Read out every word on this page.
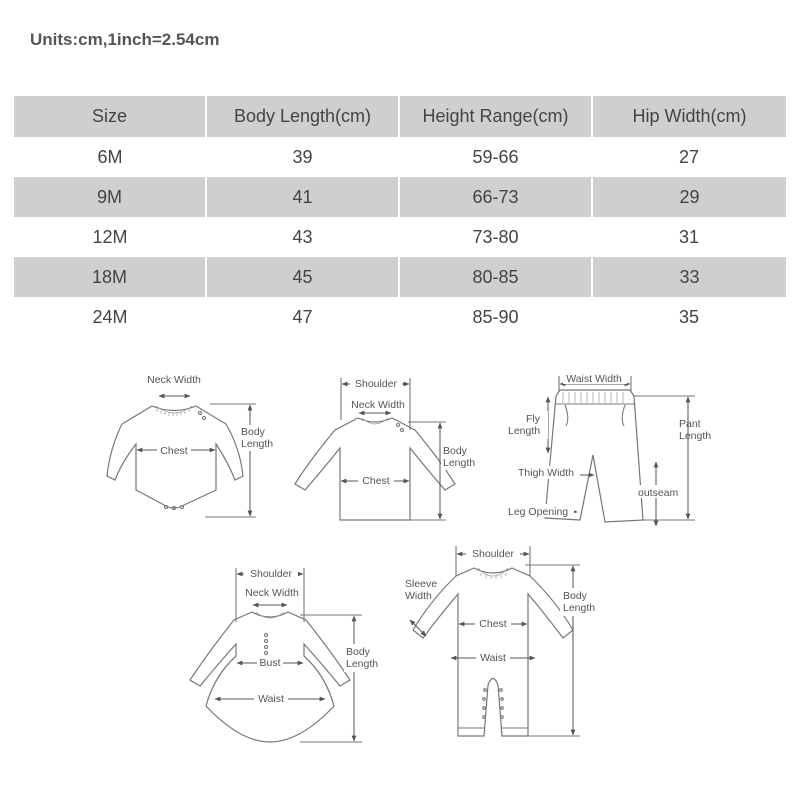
Units:cm,1inch=2.54cm
Size	Body Length(cm)	Height Range(cm)	Hip Width(cm)
6M	39	59-66	27
9M	41	66-73	29
12M	43	73-80	31
18M	45	80-85	33
24M	47	85-90	35
Neck Width
Chest
Body
Length
Shoulder
Neck Width
Chest
Body
Length
Waist Width
Fly
Length
Pant
Length
Thigh Width
outseam
Leg Opening
Shoulder
Neck Width
Bust
Waist
Body
Length
Shoulder
Sleeve
Width
Chest
Waist
Body
Length
